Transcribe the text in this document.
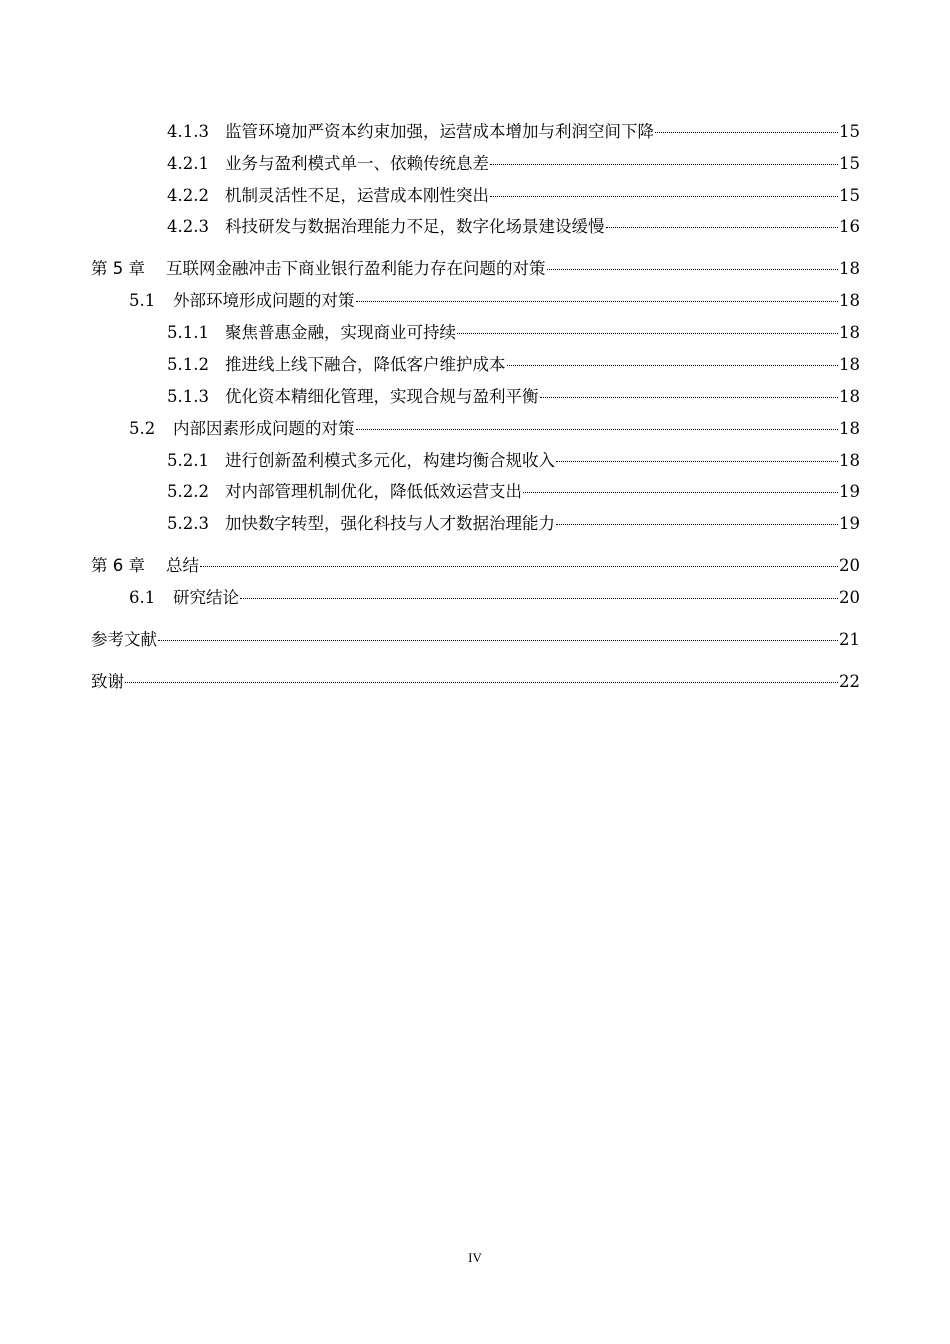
4.1.3 监管环境加严资本约束加强，运营成本增加与利润空间下降	15
4.2.1 业务与盈利模式单一、依赖传统息差	15
4.2.2 机制灵活性不足，运营成本刚性突出	15
4.2.3 科技研发与数据治理能力不足，数字化场景建设缓慢	16
第 5 章	互联网金融冲击下商业银行盈利能力存在问题的对策	18
5.1	外部环境形成问题的对策	18
5.1.1 聚焦普惠金融，实现商业可持续	18
5.1.2 推进线上线下融合，降低客户维护成本	18
5.1.3 优化资本精细化管理，实现合规与盈利平衡	18
5.2	内部因素形成问题的对策	18
5.2.1 进行创新盈利模式多元化，构建均衡合规收入	18
5.2.2 对内部管理机制优化，降低低效运营支出	19
5.2.3 加快数字转型，强化科技与人才数据治理能力	19
第 6 章	总结	20
6.1	研究结论	20
参考文献	21
致谢	22
IV
